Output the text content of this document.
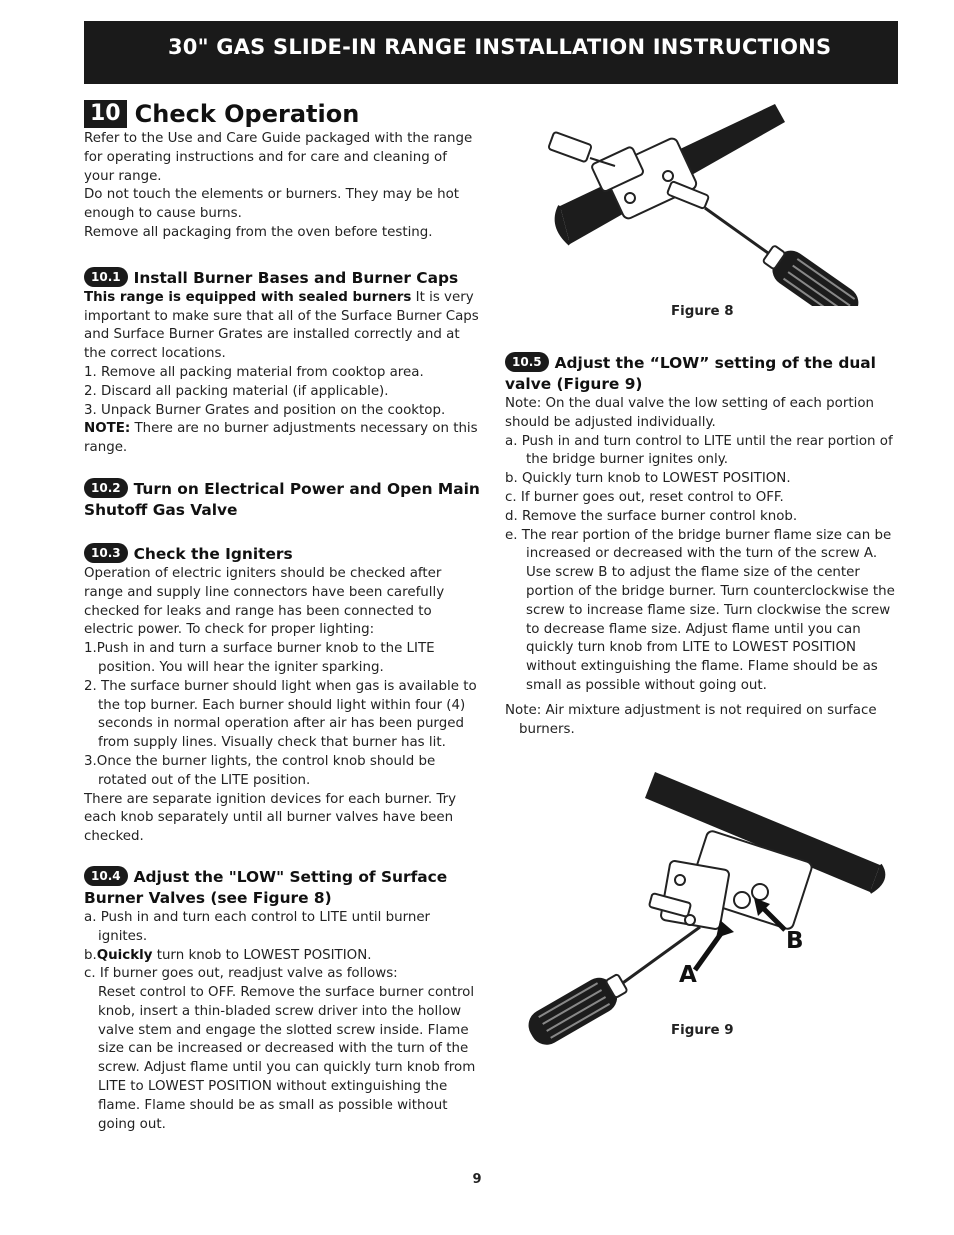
30" GAS SLIDE-IN RANGE INSTALLATION INSTRUCTIONS
10 Check Operation

Refer to the Use and Care Guide packaged with the range for operating instructions and for care and cleaning of your range.

Do not touch the elements or burners. They may be hot enough to cause burns.

Remove all packaging from the oven before testing.

10.1 Install Burner Bases and Burner Caps

This range is equipped with sealed burners It is very important to make sure that all of the Surface Burner Caps and Surface Burner Grates are installed correctly and at the correct locations.

1. Remove all packing material from cooktop area.

2. Discard all packing material (if applicable).

3. Unpack Burner Grates and position on the cooktop.

NOTE: There are no burner adjustments necessary on this range.

10.2 Turn on Electrical Power and Open Main Shutoff Gas Valve
10.3 Check the Igniters

Operation of electric igniters should be checked after range and supply line connectors have been carefully checked for leaks and range has been connected to electric power. To check for proper lighting:

1.Push in and turn a surface burner knob to the LITE position. You will hear the igniter sparking.

2. The surface burner should light when gas is available to the top burner. Each burner should light within four (4) seconds in normal operation after air has been purged from supply lines. Visually check that burner has lit.

3.Once the burner lights, the control knob should be rotated out of the LITE position.

There are separate ignition devices for each burner. Try each knob separately until all burner valves have been checked.

10.4 Adjust the "LOW" Setting of Surface Burner Valves (see Figure 8)

a. Push in and turn each control to LITE until burner ignites.

b.Quickly turn knob to LOWEST POSITION.

c. If burner goes out, readjust valve as follows:

Reset control to OFF. Remove the surface burner control knob, insert a thin-bladed screw driver into the hollow valve stem and engage the slotted screw inside. Flame size can be increased or decreased with the turn of the screw. Adjust flame until you can quickly turn knob from LITE to LOWEST POSITION without extinguishing the flame. Flame should be as small as possible without going out.

Figure 8
10.5 Adjust the “LOW” setting of the dual valve (Figure 9)

Note: On the dual valve the low setting of each portion should be adjusted individually.

a. Push in and turn control to LITE until the rear portion of the bridge burner ignites only.

b. Quickly turn knob to LOWEST POSITION.

c. If burner goes out, reset control to OFF.

d. Remove the surface burner control knob.

e. The rear portion of the bridge burner flame size can be increased or decreased with the turn of the screw A. Use screw B to adjust the flame size of the center portion of the bridge burner. Turn counterclockwise the screw to increase flame size. Turn clockwise the screw to decrease flame size. Adjust flame until you can quickly turn knob from LITE to LOWEST POSITION without extinguishing the flame. Flame should be as small as possible without going out.

Note: Air mixture adjustment is not required on surface burners.

A
B
Figure 9
9
